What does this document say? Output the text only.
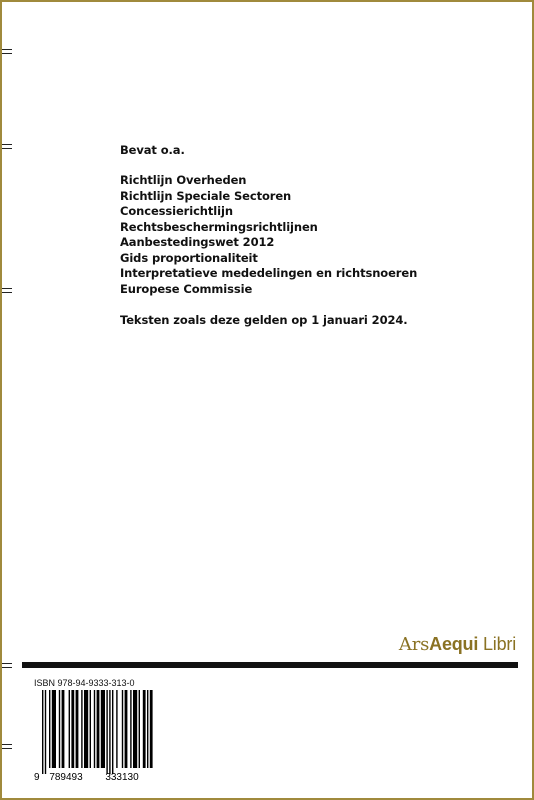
Bevat o.a.

Richtlijn Overheden
Richtlijn Speciale Sectoren
Concessierichtlijn
Rechtsbeschermingsrichtlijnen
Aanbestedingswet 2012
Gids proportionaliteit
Interpretatieve mededelingen en richtsnoeren
Europese Commissie

Teksten zoals deze gelden op 1 januari 2024.

ArsAequi Libri
ISBN 978-94-9333-313-0
9 789493 333130
